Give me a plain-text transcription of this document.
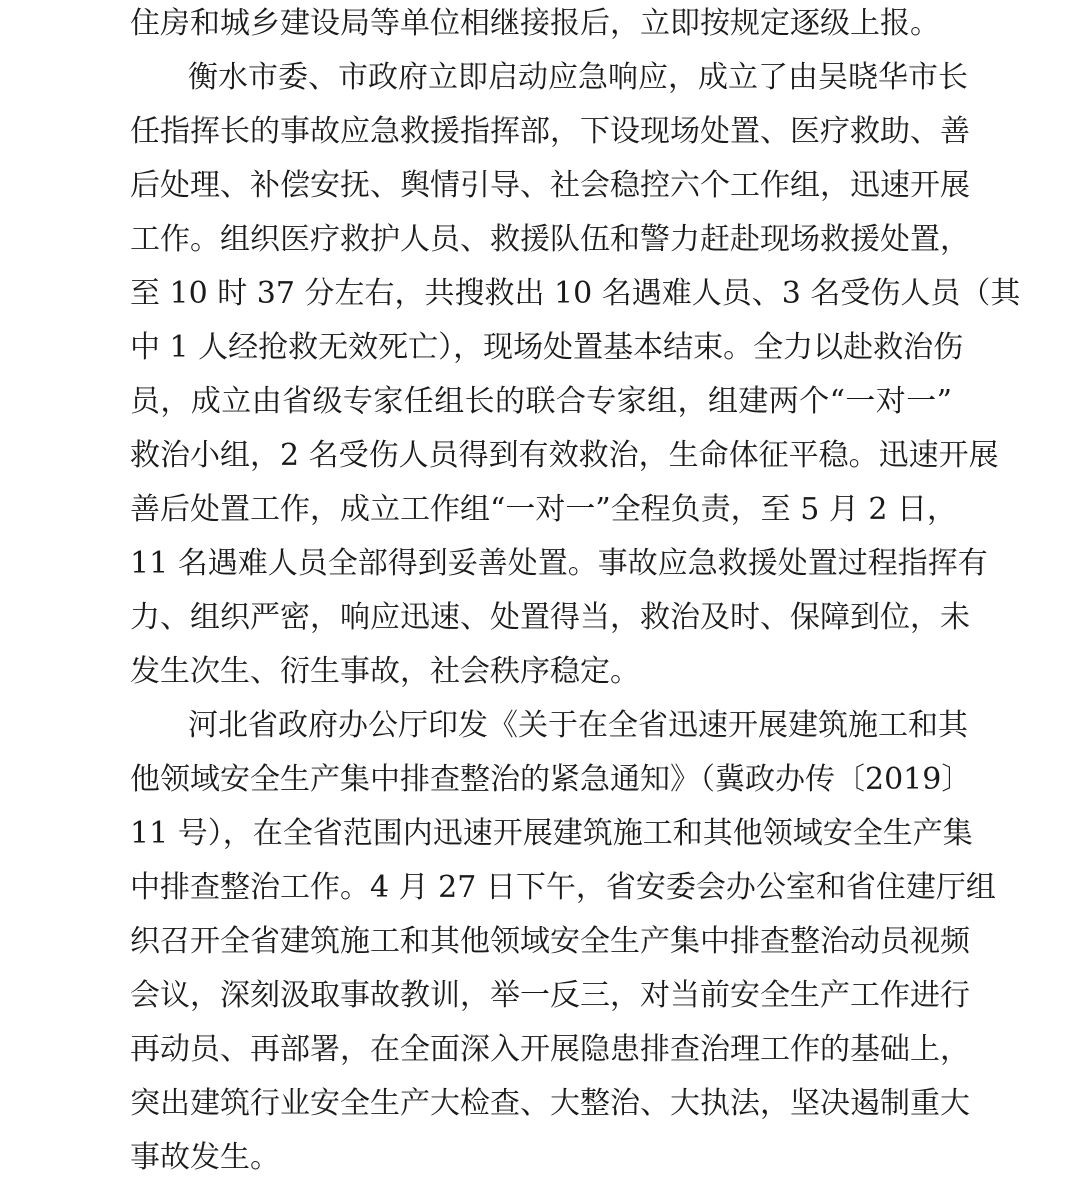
住房和城乡建设局等单位相继接报后，立即按规定逐级上报。
衡水市委、市政府立即启动应急响应，成立了由吴晓华市长
任指挥长的事故应急救援指挥部，下设现场处置、医疗救助、善
后处理、补偿安抚、舆情引导、社会稳控六个工作组，迅速开展
工作。组织医疗救护人员、救援队伍和警力赶赴现场救援处置，
至 10 时 37 分左右，共搜救出 10 名遇难人员、3 名受伤人员（其
中 1 人经抢救无效死亡），现场处置基本结束。全力以赴救治伤
员，成立由省级专家任组长的联合专家组，组建两个“一对一”
救治小组，2 名受伤人员得到有效救治，生命体征平稳。迅速开展
善后处置工作，成立工作组“一对一”全程负责，至 5 月 2 日，
11 名遇难人员全部得到妥善处置。事故应急救援处置过程指挥有
力、组织严密，响应迅速、处置得当，救治及时、保障到位，未
发生次生、衍生事故，社会秩序稳定。
河北省政府办公厅印发《关于在全省迅速开展建筑施工和其
他领域安全生产集中排查整治的紧急通知》（冀政办传〔2019〕
11 号），在全省范围内迅速开展建筑施工和其他领域安全生产集
中排查整治工作。4 月 27 日下午，省安委会办公室和省住建厅组
织召开全省建筑施工和其他领域安全生产集中排查整治动员视频
会议，深刻汲取事故教训，举一反三，对当前安全生产工作进行
再动员、再部署，在全面深入开展隐患排查治理工作的基础上，
突出建筑行业安全生产大检查、大整治、大执法，坚决遏制重大
事故发生。
